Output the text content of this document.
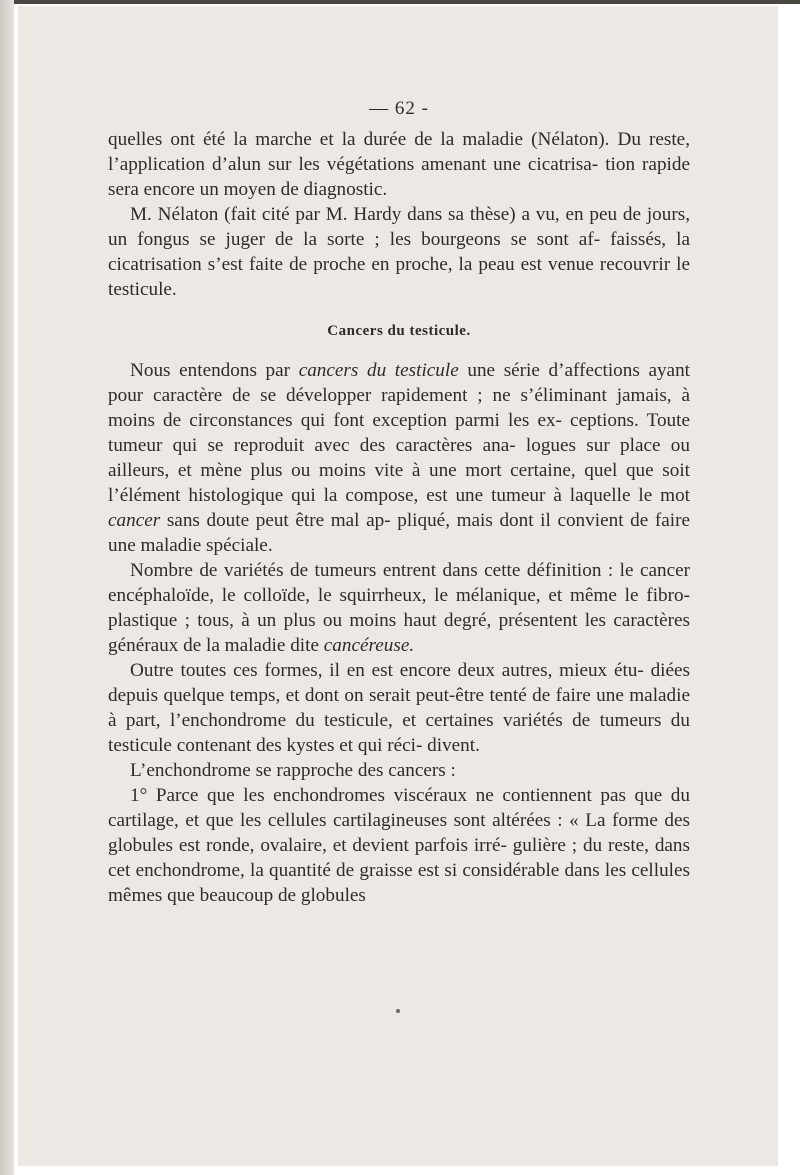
— 62 -

quelles ont été la marche et la durée de la maladie (Nélaton). Du reste, l’application d’alun sur les végétations amenant une cicatrisa- tion rapide sera encore un moyen de diagnostic.

M. Nélaton (fait cité par M. Hardy dans sa thèse) a vu, en peu de jours, un fongus se juger de la sorte ; les bourgeons se sont af- faissés, la cicatrisation s’est faite de proche en proche, la peau est venue recouvrir le testicule.

Cancers du testicule.

Nous entendons par cancers du testicule une série d’affections ayant pour caractère de se développer rapidement ; ne s’éliminant jamais, à moins de circonstances qui font exception parmi les ex- ceptions. Toute tumeur qui se reproduit avec des caractères ana- logues sur place ou ailleurs, et mène plus ou moins vite à une mort certaine, quel que soit l’élément histologique qui la compose, est une tumeur à laquelle le mot cancer sans doute peut être mal ap- pliqué, mais dont il convient de faire une maladie spéciale.

Nombre de variétés de tumeurs entrent dans cette définition : le cancer encéphaloïde, le colloïde, le squirrheux, le mélanique, et même le fibro-plastique ; tous, à un plus ou moins haut degré, présentent les caractères généraux de la maladie dite cancéreuse.

Outre toutes ces formes, il en est encore deux autres, mieux étu- diées depuis quelque temps, et dont on serait peut-être tenté de faire une maladie à part, l’enchondrome du testicule, et certaines variétés de tumeurs du testicule contenant des kystes et qui réci- divent.

L’enchondrome se rapproche des cancers :

1° Parce que les enchondromes viscéraux ne contiennent pas que du cartilage, et que les cellules cartilagineuses sont altérées : « La forme des globules est ronde, ovalaire, et devient parfois irré- gulière ; du reste, dans cet enchondrome, la quantité de graisse est si considérable dans les cellules mêmes que beaucoup de globules
